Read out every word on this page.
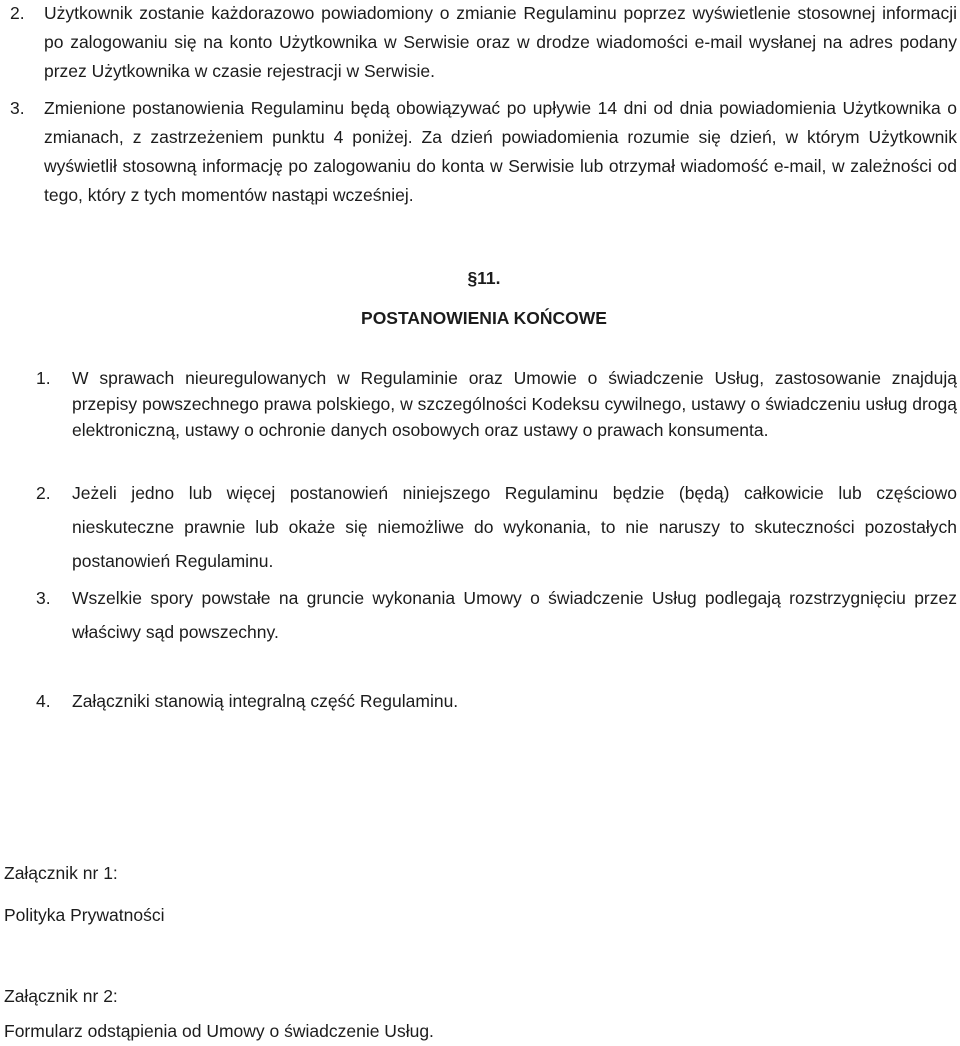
2. Użytkownik zostanie każdorazowo powiadomiony o zmianie Regulaminu poprzez wyświetlenie stosownej informacji po zalogowaniu się na konto Użytkownika w Serwisie oraz w drodze wiadomości e-mail wysłanej na adres podany przez Użytkownika w czasie rejestracji w Serwisie.
3. Zmienione postanowienia Regulaminu będą obowiązywać po upływie 14 dni od dnia powiadomienia Użytkownika o zmianach, z zastrzeżeniem punktu 4 poniżej. Za dzień powiadomienia rozumie się dzień, w którym Użytkownik wyświetlił stosowną informację po zalogowaniu do konta w Serwisie lub otrzymał wiadomość e-mail, w zależności od tego, który z tych momentów nastąpi wcześniej.
§11.
POSTANOWIENIA KOŃCOWE
1. W sprawach nieuregulowanych w Regulaminie oraz Umowie o świadczenie Usług, zastosowanie znajdują przepisy powszechnego prawa polskiego, w szczególności Kodeksu cywilnego, ustawy o świadczeniu usług drogą elektroniczną, ustawy o ochronie danych osobowych oraz ustawy o prawach konsumenta.
2. Jeżeli jedno lub więcej postanowień niniejszego Regulaminu będzie (będą) całkowicie lub częściowo nieskuteczne prawnie lub okaże się niemożliwe do wykonania, to nie naruszy to skuteczności pozostałych postanowień Regulaminu.
3. Wszelkie spory powstałe na gruncie wykonania Umowy o świadczenie Usług podlegają rozstrzygnięciu przez właściwy sąd powszechny.
4. Załączniki stanowią integralną część Regulaminu.
Załącznik nr 1:
Polityka Prywatności
Załącznik nr 2:
Formularz odstąpienia od Umowy o świadczenie Usług.
